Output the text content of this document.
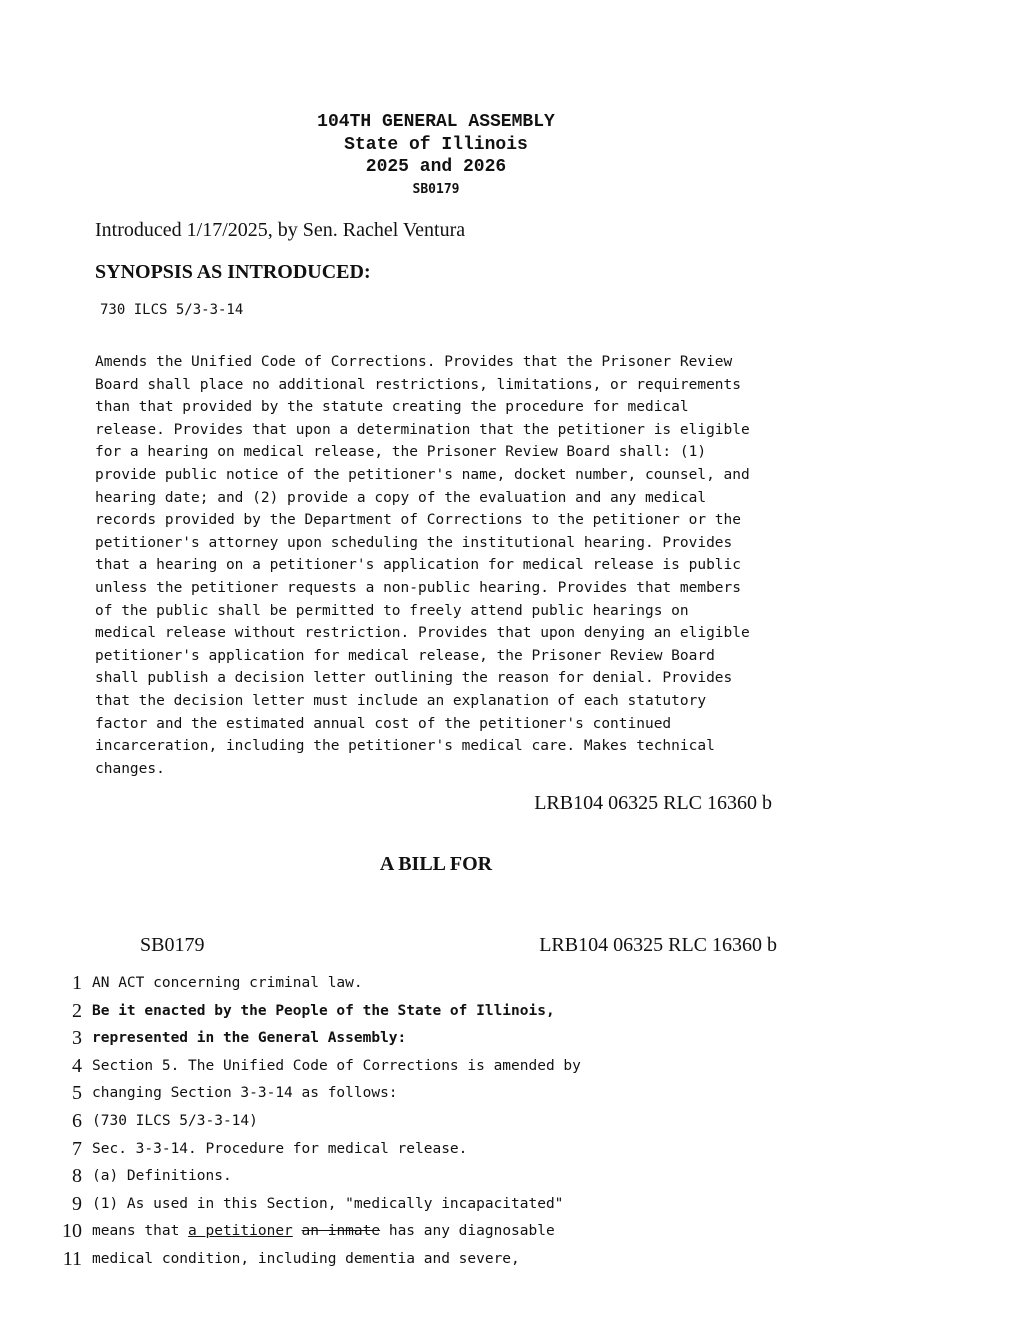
104TH GENERAL ASSEMBLY
State of Illinois
2025 and 2026
SB0179
Introduced 1/17/2025, by Sen. Rachel Ventura
SYNOPSIS AS INTRODUCED:
730 ILCS 5/3-3-14
Amends the Unified Code of Corrections. Provides that the Prisoner Review
Board shall place no additional restrictions, limitations, or requirements
than that provided by the statute creating the procedure for medical
release. Provides that upon a determination that the petitioner is eligible
for a hearing on medical release, the Prisoner Review Board shall: (1)
provide public notice of the petitioner's name, docket number, counsel, and
hearing date; and (2) provide a copy of the evaluation and any medical
records provided by the Department of Corrections to the petitioner or the
petitioner's attorney upon scheduling the institutional hearing. Provides
that a hearing on a petitioner's application for medical release is public
unless the petitioner requests a non-public hearing. Provides that members
of the public shall be permitted to freely attend public hearings on
medical release without restriction. Provides that upon denying an eligible
petitioner's application for medical release, the Prisoner Review Board
shall publish a decision letter outlining the reason for denial. Provides
that the decision letter must include an explanation of each statutory
factor and the estimated annual cost of the petitioner's continued
incarceration, including the petitioner's medical care. Makes technical
changes.
LRB104 06325 RLC 16360 b
A BILL FOR
SB0179	LRB104 06325 RLC 16360 b
1 AN ACT concerning criminal law.
2 Be it enacted by the People of the State of Illinois,
3 represented in the General Assembly:
4 Section 5. The Unified Code of Corrections is amended by
5 changing Section 3-3-14 as follows:
6 (730 ILCS 5/3-3-14)
7 Sec. 3-3-14. Procedure for medical release.
8 (a) Definitions.
9 (1) As used in this Section, "medically incapacitated"
10 means that a petitioner an inmate has any diagnosable
11 medical condition, including dementia and severe,
